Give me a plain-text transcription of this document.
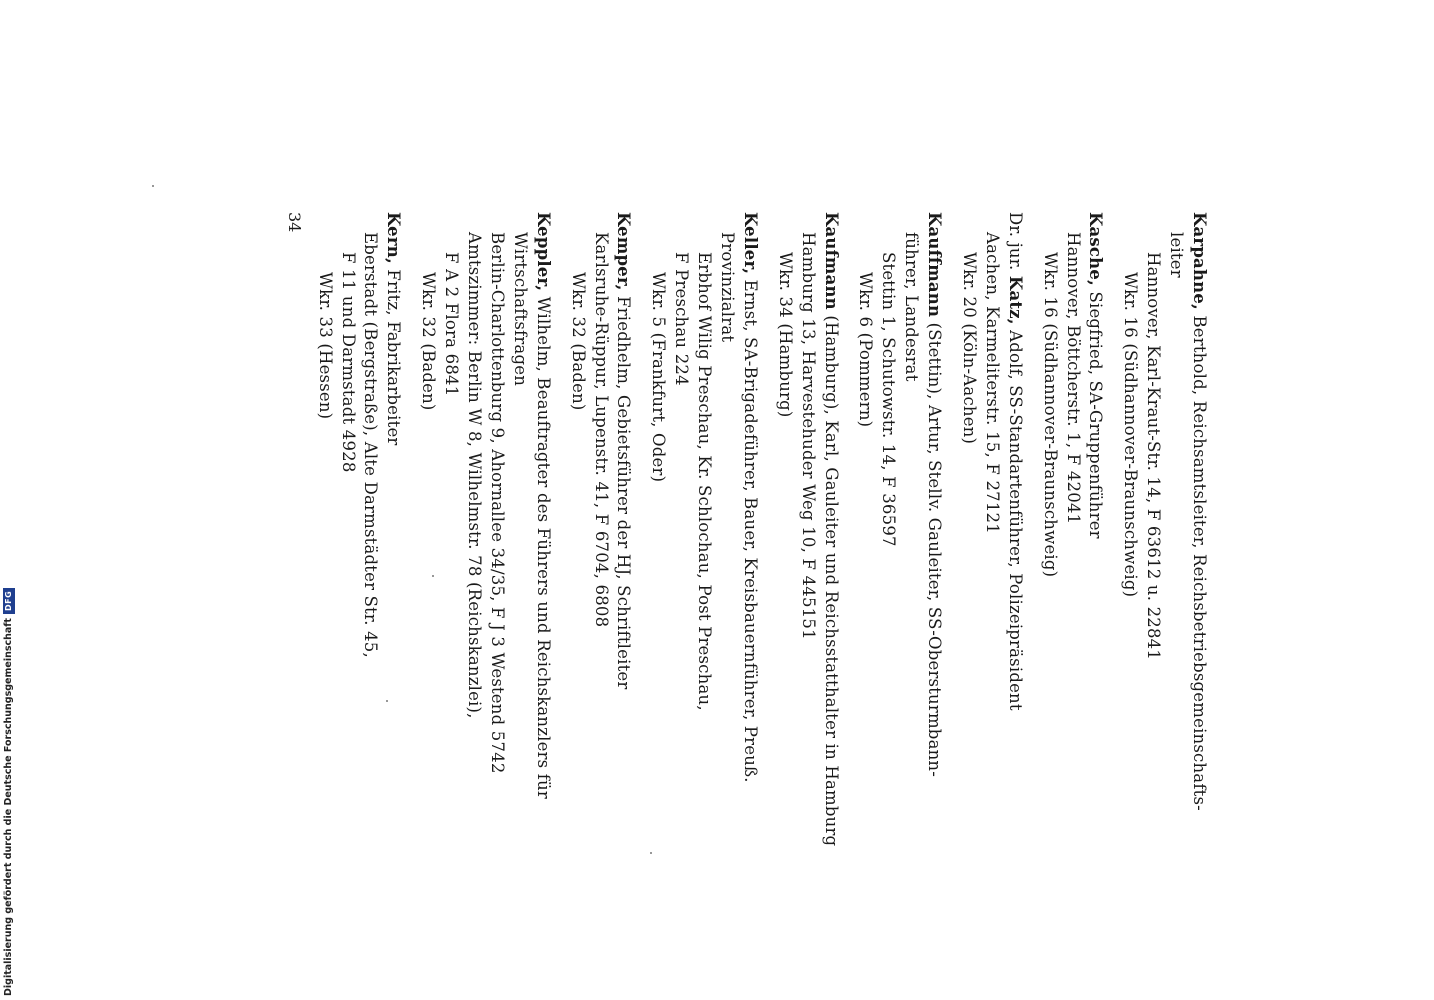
Karpahne, Berthold, Reichsamtsleiter, Reichsbetriebsgemeinschafts-
leiter
Hannover, Karl-Kraut-Str. 14, F 63612 u. 22841
Wkr. 16 (Südhannover-Braunschweig)
Kasche, Siegfried, SA-Gruppenführer
Hannover, Böttcherstr. 1, F 42041
Wkr. 16 (Südhannover-Braunschweig)
Dr. jur. Katz, Adolf, SS-Standartenführer, Polizeipräsident
Aachen, Karmeliterstr. 15, F 27121
Wkr. 20 (Köln-Aachen)
Kauffmann (Stettin), Artur, Stellv. Gauleiter, SS-Obersturmbann-
führer, Landesrat
Stettin 1, Schutowstr. 14, F 36597
Wkr. 6 (Pommern)
Kaufmann (Hamburg), Karl, Gauleiter und Reichsstatthalter in Hamburg
Hamburg 13, Harvestehuder Weg 10, F 445151
Wkr. 34 (Hamburg)
Keller, Ernst, SA-Brigadeführer, Bauer, Kreisbauernführer, Preuß.
Provinzialrat
Erbhof Wilig Preschau, Kr. Schlochau, Post Preschau,
F Preschau 224
Wkr. 5 (Frankfurt, Oder)
Kemper, Friedhelm, Gebietsführer der HJ, Schriftleiter
Karlsruhe-Rüppur, Lupenstr. 41, F 6704, 6808
Wkr. 32 (Baden)
Keppler, Wilhelm, Beauftragter des Führers und Reichskanzlers für
Wirtschaftsfragen
Berlin-Charlottenburg 9, Ahornallee 34/35, F J 3 Westend 5742
Amtszimmer: Berlin W 8, Wilhelmstr. 78 (Reichskanzlei),
F A 2 Flora 6841
Wkr. 32 (Baden)
Kern, Fritz, Fabrikarbeiter
Eberstadt (Bergstraße), Alte Darmstädter Str. 45,
F 11 und Darmstadt 4928
Wkr. 33 (Hessen)
34
Digitalisierung gefördert durch die Deutsche Forschungsgemeinschaft
DFG
